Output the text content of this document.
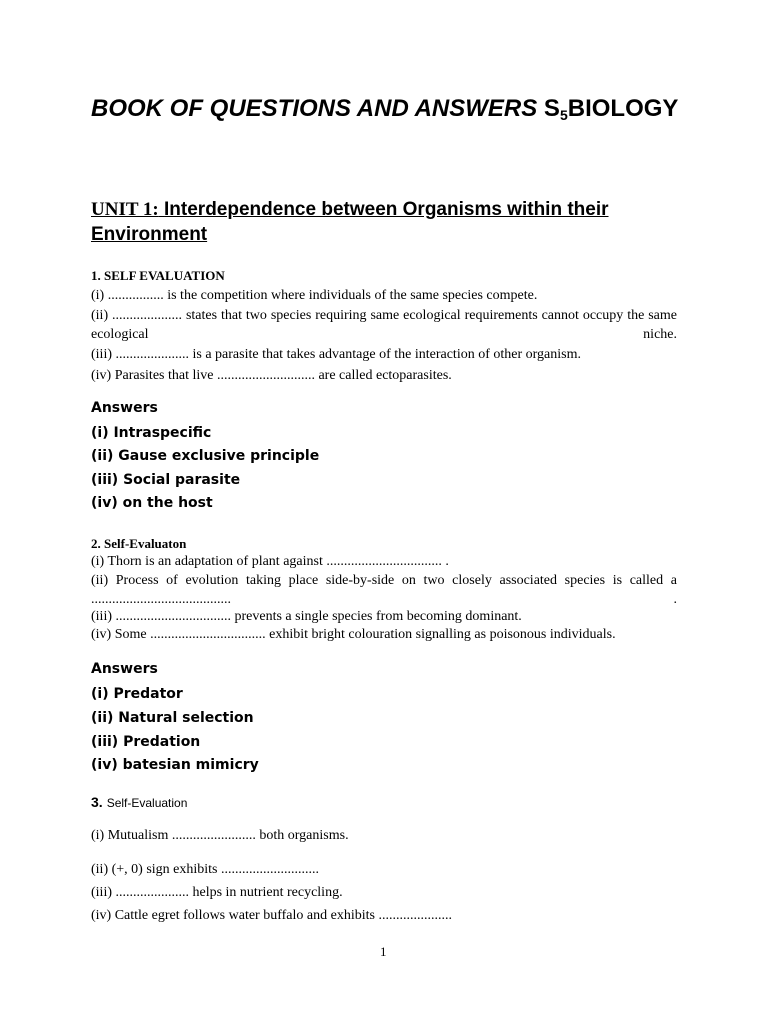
BOOK OF QUESTIONS AND ANSWERS $S_5BIOLOGY$
UNIT 1: Interdependence between Organisms within their Environment
1. SELF EVALUATION
(i) ................ is the competition where individuals of the same species compete.
(ii) .................... states that two species requiring same ecological requirements cannot occupy the same ecological niche.
(iii) ..................... is a parasite that takes advantage of the interaction of other organism.
(iv) Parasites that live ............................ are called ectoparasites.
Answers
(i) Intraspecific
(ii) Gause exclusive principle
(iii) Social parasite
(iv) on the host
2. Self-Evaluaton
(i) Thorn is an adaptation of plant against ................................. .
(ii) Process of evolution taking place side-by-side on two closely associated species is called a ........................................ .
(iii) ................................. prevents a single species from becoming dominant.
(iv) Some ................................. exhibit bright colouration signalling as poisonous individuals.
Answers
(i) Predator
(ii) Natural selection
(iii) Predation
(iv) batesian mimicry
3. Self-Evaluation
(i) Mutualism ........................ both organisms.
(ii) (+, 0) sign exhibits ............................
(iii) ..................... helps in nutrient recycling.
(iv) Cattle egret follows water buffalo and exhibits .....................
1
